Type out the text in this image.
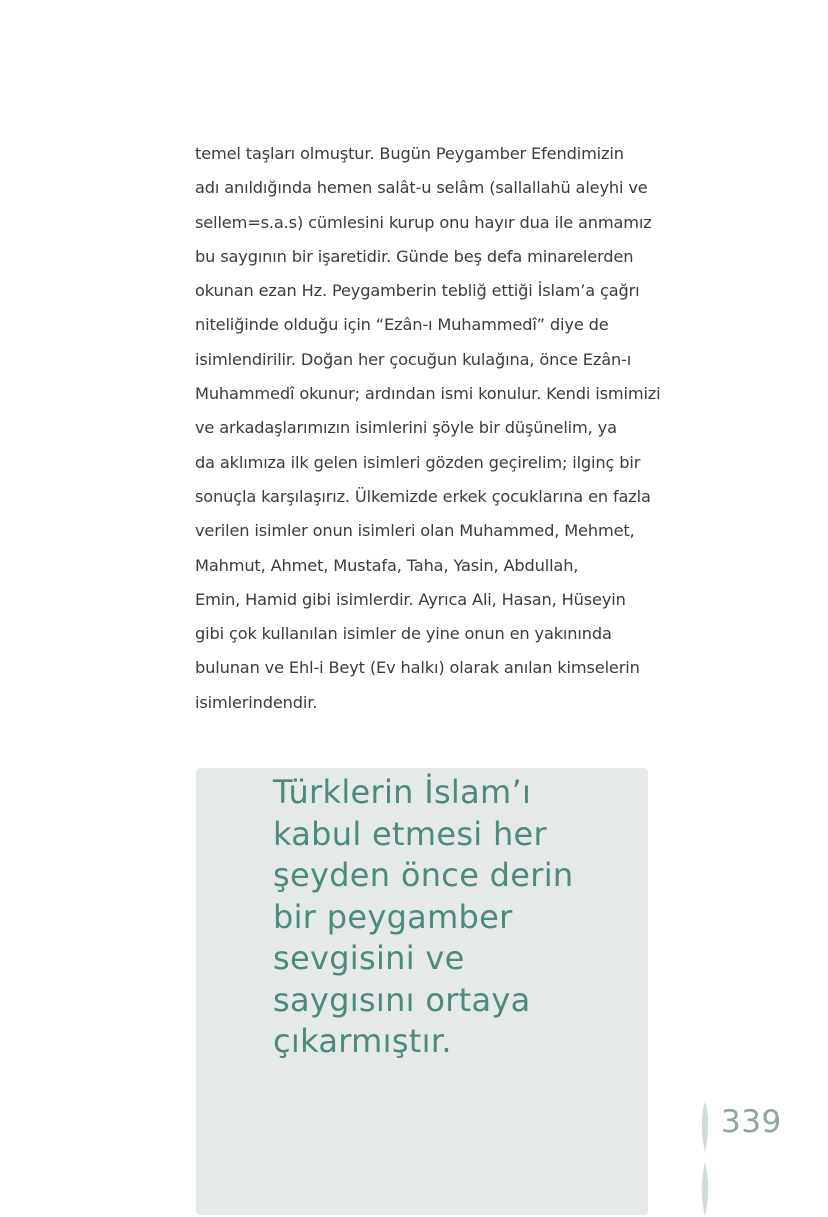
temel taşları olmuştur. Bugün Peygamber Efendimizin
adı anıldığında hemen salât-u selâm (sallallahü aleyhi ve
sellem=s.a.s) cümlesini kurup onu hayır dua ile anmamız
bu saygının bir işaretidir. Günde beş defa minarelerden
okunan ezan Hz. Peygamberin tebliğ ettiği İslam’a çağrı
niteliğinde olduğu için “Ezân-ı Muhammedî” diye de
isimlendirilir. Doğan her çocuğun kulağına, önce Ezân-ı
Muhammedî okunur; ardından ismi konulur. Kendi ismimizi
ve arkadaşlarımızın isimlerini şöyle bir düşünelim, ya
da aklımıza ilk gelen isimleri gözden geçirelim; ilginç bir
sonuçla karşılaşırız. Ülkemizde erkek çocuklarına en fazla
verilen isimler onun isimleri olan Muhammed, Mehmet,
Mahmut, Ahmet, Mustafa, Taha, Yasin, Abdullah,
Emin, Hamid gibi isimlerdir. Ayrıca Ali, Hasan, Hüseyin
gibi çok kullanılan isimler de yine onun en yakınında
bulunan ve Ehl-i Beyt (Ev halkı) olarak anılan kimselerin
isimlerindendir.
Türklerin İslam’ı
kabul etmesi her
şeyden önce derin
bir peygamber
sevgisini ve
saygısını ortaya
çıkarmıştır.
339
